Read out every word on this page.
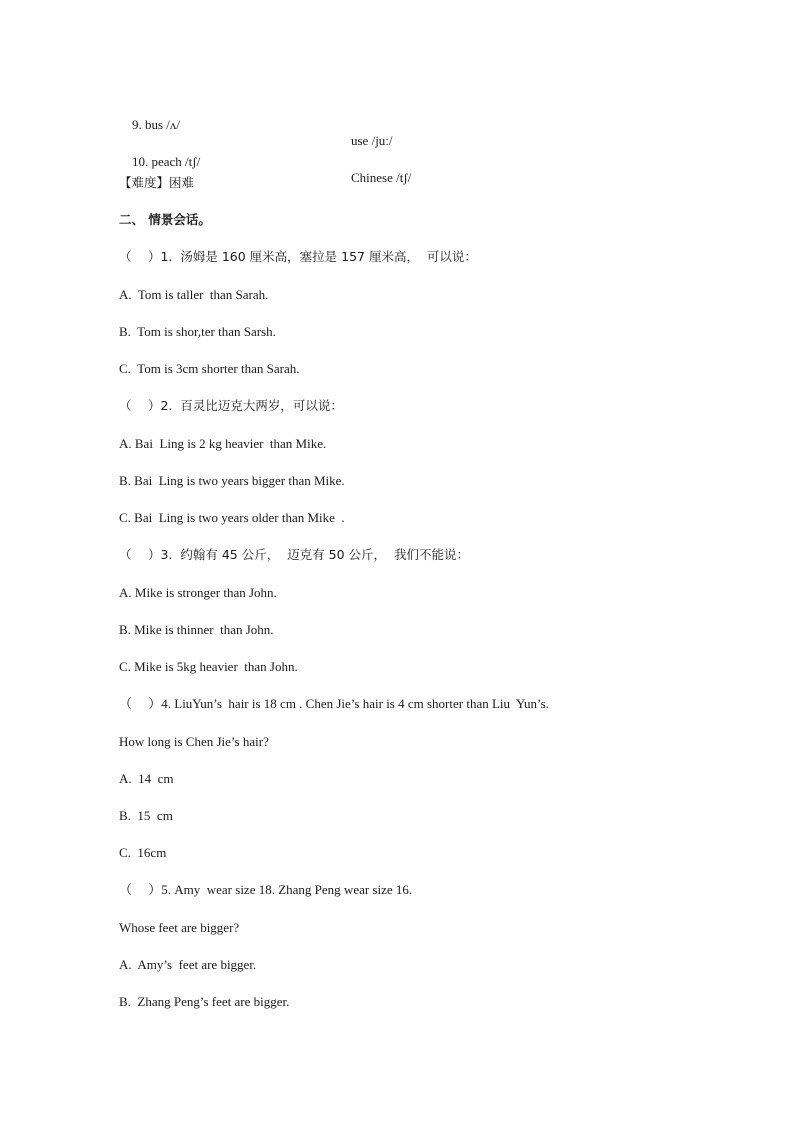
9. bus /ʌ/

use /juː/

10. peach /tʃ/

Chinese /tʃ/

【难度】困难
二、 情景会话。
（　 ）1.  汤姆是 160 厘米高，塞拉是 157 厘米高，  可以说：
A.  Tom is taller  than Sarah.
B.  Tom is shor,ter than Sarsh.
C.  Tom is 3cm shorter than Sarah.
（　 ）2.  百灵比迈克大两岁，可以说：
A. Bai  Ling is 2 kg heavier  than Mike.
B. Bai  Ling is two years bigger than Mike.
C. Bai  Ling is two years older than Mike  .
（　 ）3.  约翰有 45 公斤，  迈克有 50 公斤，  我们不能说：
A. Mike is stronger than John.
B. Mike is thinner  than John.
C. Mike is 5kg heavier  than John.
（　 ）4. LiuYun’s  hair is 18 cm . Chen Jie’s hair is 4 cm shorter than Liu  Yun’s.
How long is Chen Jie’s hair?
A.  14  cm
B.  15  cm
C.  16cm
（　 ）5. Amy  wear size 18. Zhang Peng wear size 16.
Whose feet are bigger?
A.  Amy’s  feet are bigger.
B.  Zhang Peng’s feet are bigger.
